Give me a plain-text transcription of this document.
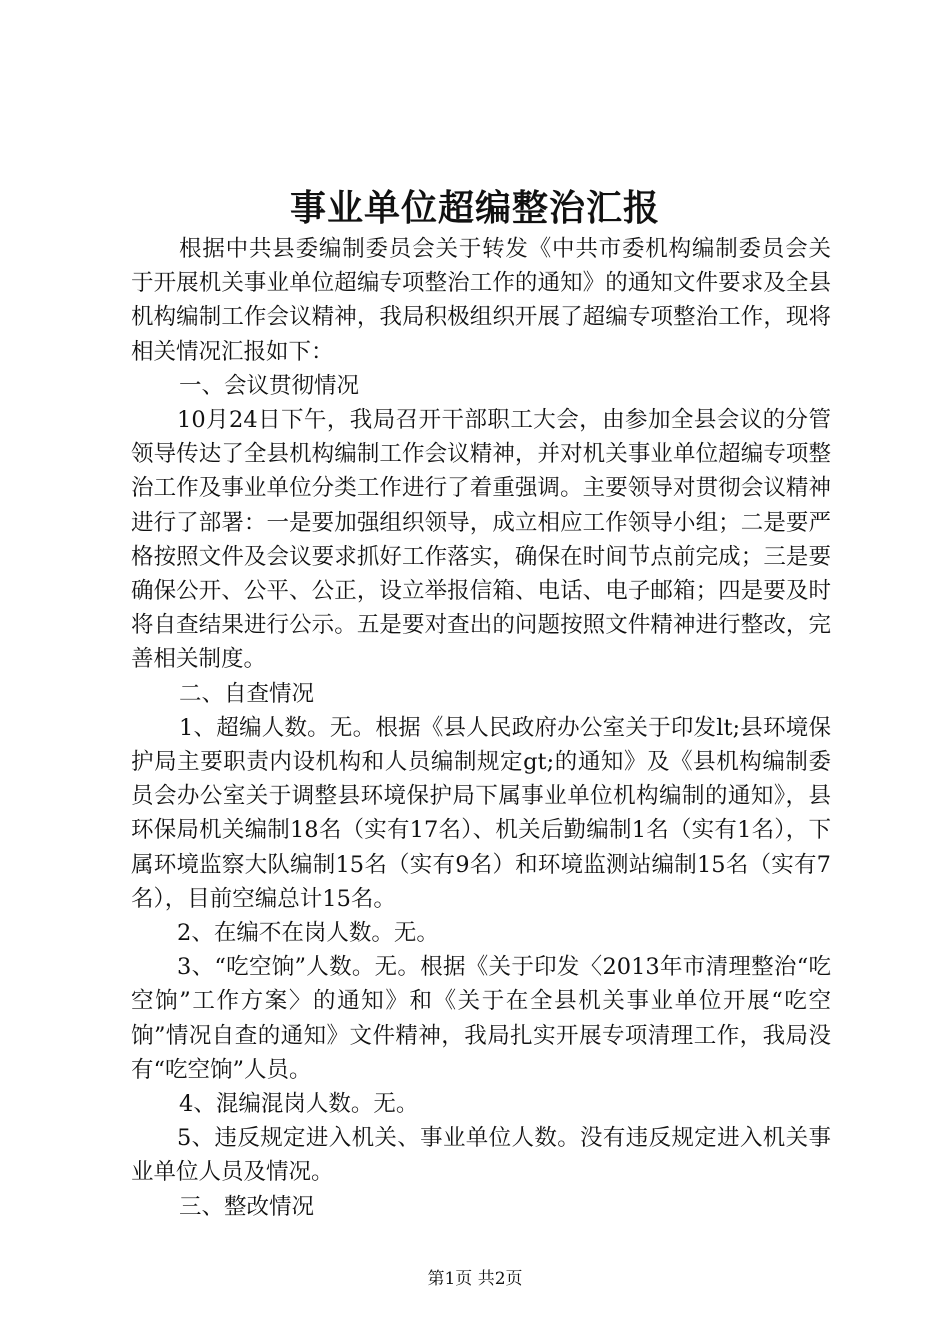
事业单位超编整治汇报

根据中共县委编制委员会关于转发《中共市委机构编制委员会关于开展机关事业单位超编专项整治工作的通知》的通知文件要求及全县机构编制工作会议精神，我局积极组织开展了超编专项整治工作，现将相关情况汇报如下：

一、会议贯彻情况

10月24日下午，我局召开干部职工大会，由参加全县会议的分管领导传达了全县机构编制工作会议精神，并对机关事业单位超编专项整治工作及事业单位分类工作进行了着重强调。主要领导对贯彻会议精神进行了部署：一是要加强组织领导，成立相应工作领导小组；二是要严格按照文件及会议要求抓好工作落实，确保在时间节点前完成；三是要确保公开、公平、公正，设立举报信箱、电话、电子邮箱；四是要及时将自查结果进行公示。五是要对查出的问题按照文件精神进行整改，完善相关制度。

二、自查情况

1、超编人数。无。根据《县人民政府办公室关于印发lt;县环境保护局主要职责内设机构和人员编制规定gt;的通知》及《县机构编制委员会办公室关于调整县环境保护局下属事业单位机构编制的通知》，县环保局机关编制18名（实有17名）、机关后勤编制1名（实有1名），下属环境监察大队编制15名（实有9名）和环境监测站编制15名（实有7名），目前空编总计15名。

2、在编不在岗人数。无。

3、“吃空饷”人数。无。根据《关于印发〈2013年市清理整治“吃空饷”工作方案〉的通知》和《关于在全县机关事业单位开展“吃空饷”情况自查的通知》文件精神，我局扎实开展专项清理工作，我局没有“吃空饷”人员。

4、混编混岗人数。无。

5、违反规定进入机关、事业单位人数。没有违反规定进入机关事业单位人员及情况。

三、整改情况

第1页 共2页
